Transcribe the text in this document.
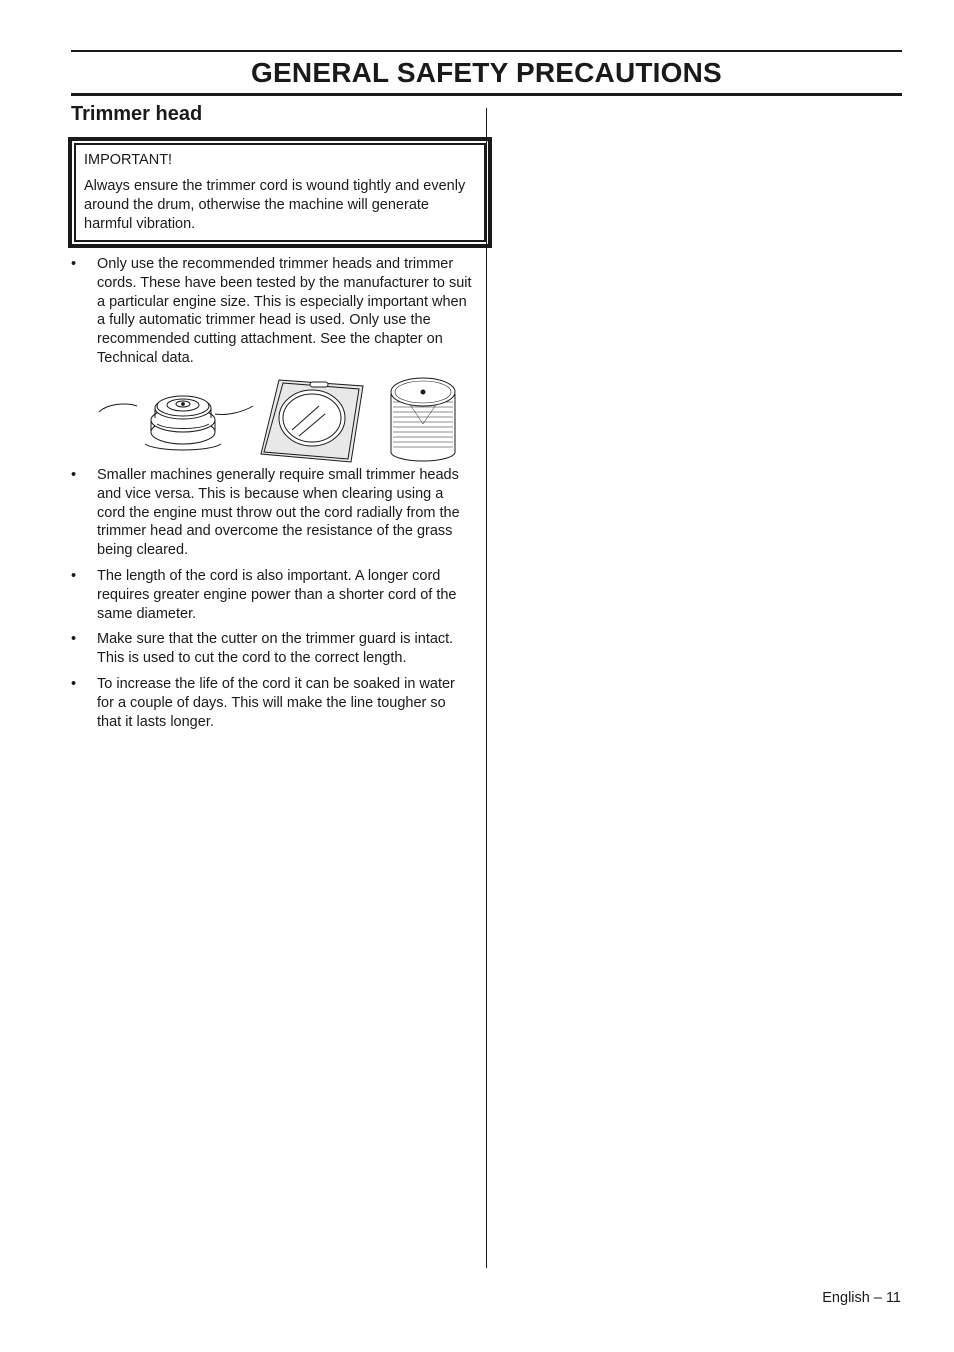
GENERAL SAFETY PRECAUTIONS
Trimmer head

IMPORTANT!

Always ensure the trimmer cord is wound tightly and evenly around the drum, otherwise the machine will generate harmful vibration.

• Only use the recommended trimmer heads and trimmer cords. These have been tested by the manufacturer to suit a particular engine size. This is especially important when a fully automatic trimmer head is used. Only use the recommended cutting attachment. See the chapter on Technical data.
• Smaller machines generally require small trimmer heads and vice versa. This is because when clearing using a cord the engine must throw out the cord radially from the trimmer head and overcome the resistance of the grass being cleared.
• The length of the cord is also important. A longer cord requires greater engine power than a shorter cord of the same diameter.
• Make sure that the cutter on the trimmer guard is intact. This is used to cut the cord to the correct length.
• To increase the life of the cord it can be soaked in water for a couple of days. This will make the line tougher so that it lasts longer.
English – 11
